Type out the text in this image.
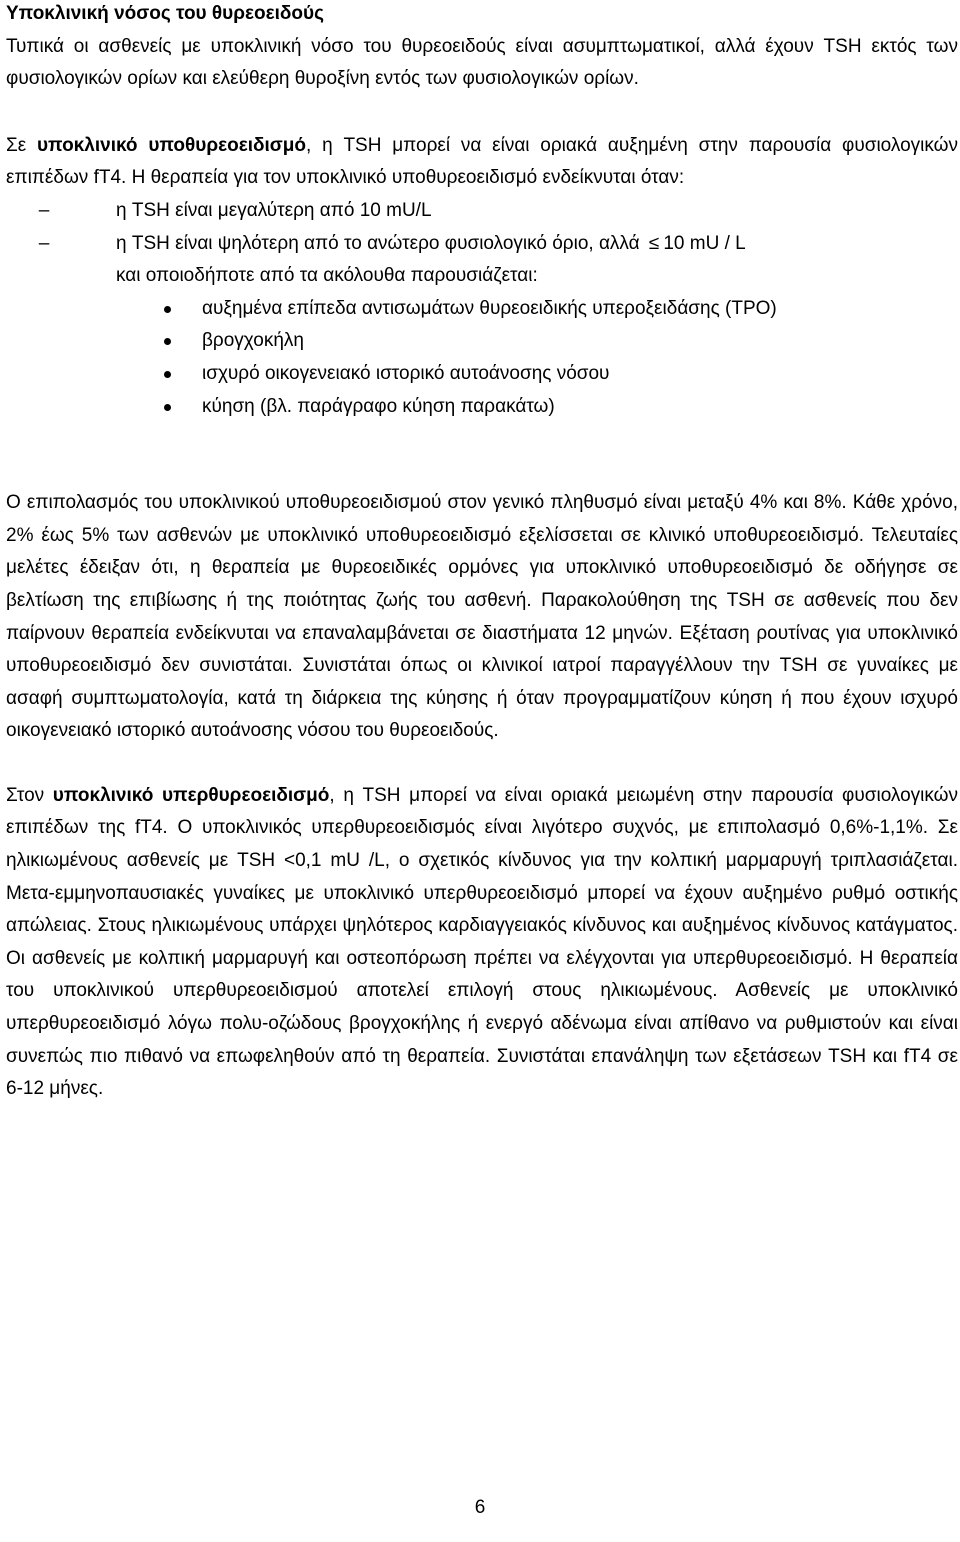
Υποκλινική νόσος του θυρεοειδούς

Τυπικά οι ασθενείς με υποκλινική νόσο του θυρεοειδούς είναι ασυμπτωματικοί, αλλά έχουν TSH εκτός των φυσιολογικών ορίων και ελεύθερη θυροξίνη εντός των φυσιολογικών ορίων.

Σε υποκλινικό υποθυρεοειδισμό, η TSH μπορεί να είναι οριακά αυξημένη στην παρουσία φυσιολογικών επιπέδων fT4. Η θεραπεία για τον υποκλινικό υποθυρεοειδισμό ενδείκνυται όταν:

–	η TSH είναι μεγαλύτερη από 10 mU/L
–	η TSH είναι ψηλότερη από το ανώτερο φυσιολογικό όριο, αλλά ≤ 10 mU / L

και οποιοδήποτε από τα ακόλουθα παρουσιάζεται:

αυξημένα επίπεδα αντισωμάτων θυρεοειδικής υπεροξειδάσης (TPO)
βρογχοκήλη
ισχυρό οικογενειακό ιστορικό αυτοάνοσης νόσου
κύηση (βλ. παράγραφο κύηση παρακάτω)

Ο επιπολασμός του υποκλινικού υποθυρεοειδισμού στον γενικό πληθυσμό είναι μεταξύ 4% και 8%. Κάθε χρόνο, 2% έως 5% των ασθενών με υποκλινικό υποθυρεοειδισμό εξελίσσεται σε κλινικό υποθυρεοειδισμό. Τελευταίες μελέτες έδειξαν ότι, η θεραπεία με θυρεοειδικές ορμόνες για υποκλινικό υποθυρεοειδισμό δε οδήγησε σε βελτίωση της επιβίωσης ή της ποιότητας ζωής του ασθενή. Παρακολούθηση της TSH σε ασθενείς που δεν παίρνουν θεραπεία ενδείκνυται να επαναλαμβάνεται σε διαστήματα 12 μηνών. Εξέταση ρουτίνας για υποκλινικό υποθυρεοειδισμό δεν συνιστάται. Συνιστάται όπως οι κλινικοί ιατροί παραγγέλλουν την TSH σε γυναίκες με ασαφή συμπτωματολογία, κατά τη διάρκεια της κύησης ή όταν προγραμματίζουν κύηση ή που έχουν ισχυρό οικογενειακό ιστορικό αυτοάνοσης νόσου του θυρεοειδούς.

Στον υποκλινικό υπερθυρεοειδισμό, η TSH μπορεί να είναι οριακά μειωμένη στην παρουσία φυσιολογικών επιπέδων της fT4. Ο υποκλινικός υπερθυρεοειδισμός είναι λιγότερο συχνός, με επιπολασμό 0,6%-1,1%. Σε ηλικιωμένους ασθενείς με TSH <0,1 mU /L, ο σχετικός κίνδυνος για την κολπική μαρμαρυγή τριπλασιάζεται. Μετα-εμμηνοπαυσιακές γυναίκες με υποκλινικό υπερθυρεοειδισμό μπορεί να έχουν αυξημένο ρυθμό οστικής απώλειας. Στους ηλικιωμένους υπάρχει ψηλότερος καρδιαγγειακός κίνδυνος και αυξημένος κίνδυνος κατάγματος. Οι ασθενείς με κολπική μαρμαρυγή και οστεοπόρωση πρέπει να ελέγχονται για υπερθυρεοειδισμό. Η θεραπεία του υποκλινικού υπερθυρεοειδισμού αποτελεί επιλογή στους ηλικιωμένους. Ασθενείς με υποκλινικό υπερθυρεοειδισμό λόγω πολυ-οζώδους βρογχοκήλης ή ενεργό αδένωμα είναι απίθανο να ρυθμιστούν και είναι συνεπώς πιο πιθανό να επωφεληθούν από τη θεραπεία. Συνιστάται επανάληψη των εξετάσεων TSH και fT4 σε 6-12 μήνες.

6
